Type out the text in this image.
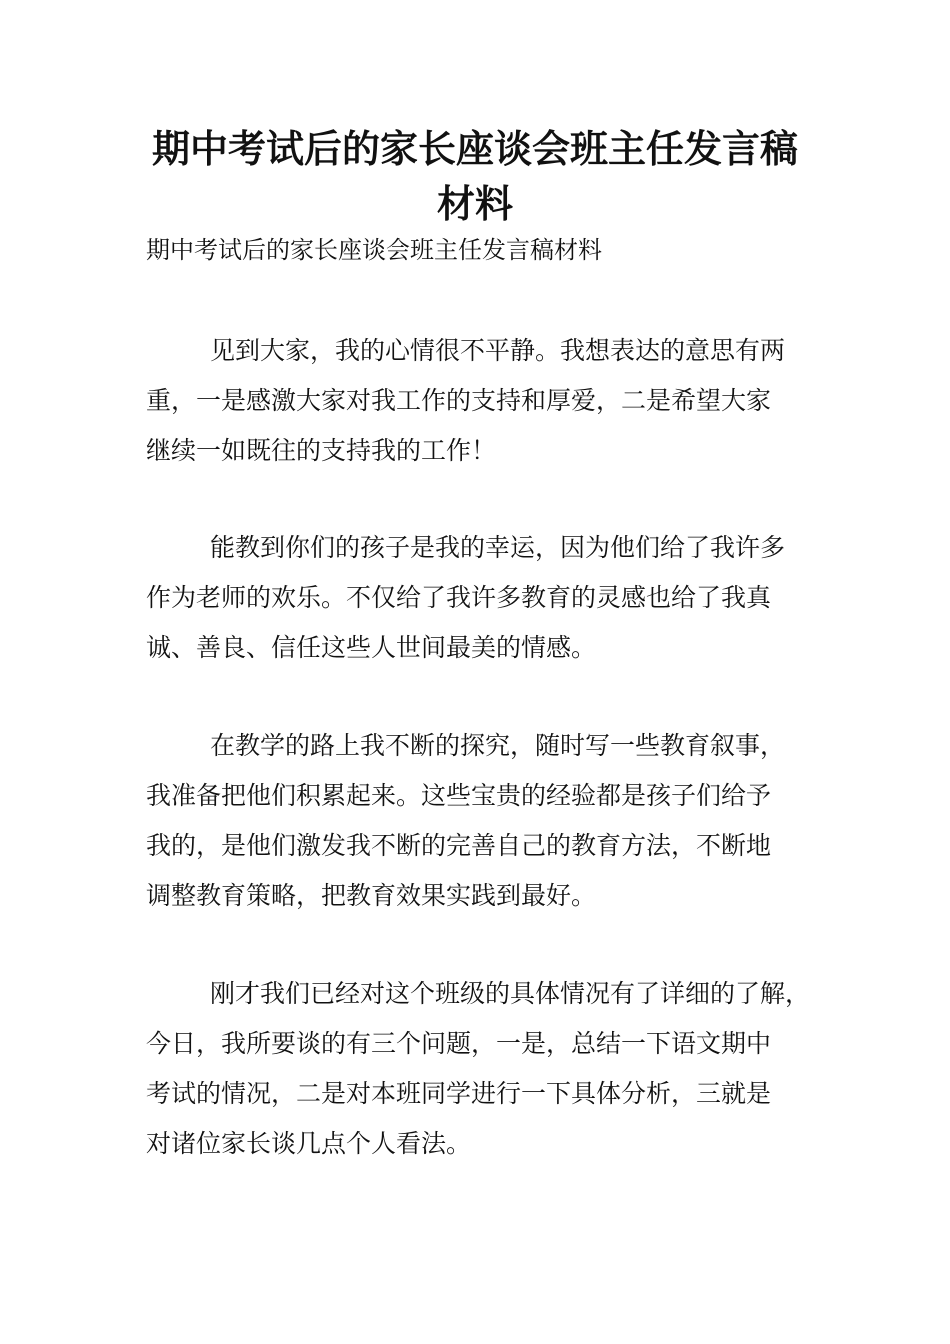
期中考试后的家长座谈会班主任发言稿
材料

期中考试后的家长座谈会班主任发言稿材料

见到大家，我的心情很不平静。我想表达的意思有两
重，一是感激大家对我工作的支持和厚爱，二是希望大家
继续一如既往的支持我的工作！

能教到你们的孩子是我的幸运，因为他们给了我许多
作为老师的欢乐。不仅给了我许多教育的灵感也给了我真
诚、善良、信任这些人世间最美的情感。

在教学的路上我不断的探究，随时写一些教育叙事，
我准备把他们积累起来。这些宝贵的经验都是孩子们给予
我的，是他们激发我不断的完善自己的教育方法，不断地
调整教育策略，把教育效果实践到最好。

刚才我们已经对这个班级的具体情况有了详细的了解，
今日，我所要谈的有三个问题，一是，总结一下语文期中
考试的情况，二是对本班同学进行一下具体分析，三就是
对诸位家长谈几点个人看法。
